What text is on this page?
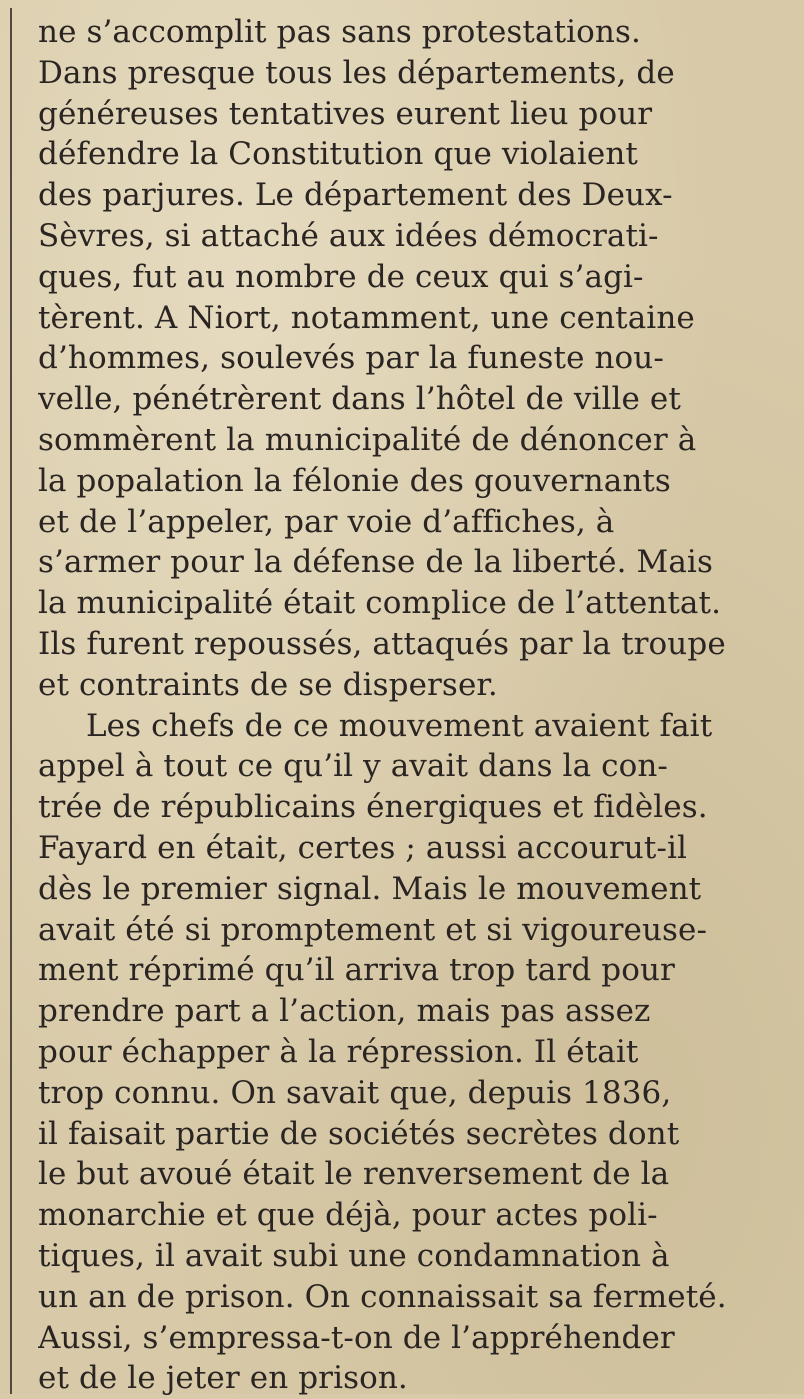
ne s’accomplit pas sans protestations.
Dans presque tous les départements, de
généreuses tentatives eurent lieu pour
défendre la Constitution que violaient
des parjures. Le département des Deux-
Sèvres, si attaché aux idées démocrati-
ques, fut au nombre de ceux qui s’agi-
tèrent. A Niort, notamment, une centaine
d’hommes, soulevés par la funeste nou-
velle, pénétrèrent dans l’hôtel de ville et
sommèrent la municipalité de dénoncer à
la popalation la félonie des gouvernants
et de l’appeler, par voie d’affiches, à
s’armer pour la défense de la liberté. Mais
la municipalité était complice de l’attentat.
Ils furent repoussés, attaqués par la troupe
et contraints de se disperser.
Les chefs de ce mouvement avaient fait
appel à tout ce qu’il y avait dans la con-
trée de républicains énergiques et fidèles.
Fayard en était, certes ; aussi accourut-il
dès le premier signal. Mais le mouvement
avait été si promptement et si vigoureuse-
ment réprimé qu’il arriva trop tard pour
prendre part a l’action, mais pas assez
pour échapper à la répression. Il était
trop connu. On savait que, depuis 1836,
il faisait partie de sociétés secrètes dont
le but avoué était le renversement de la
monarchie et que déjà, pour actes poli-
tiques, il avait subi une condamnation à
un an de prison. On connaissait sa fermeté.
Aussi, s’empressa-t-on de l’appréhender
et de le jeter en prison.
